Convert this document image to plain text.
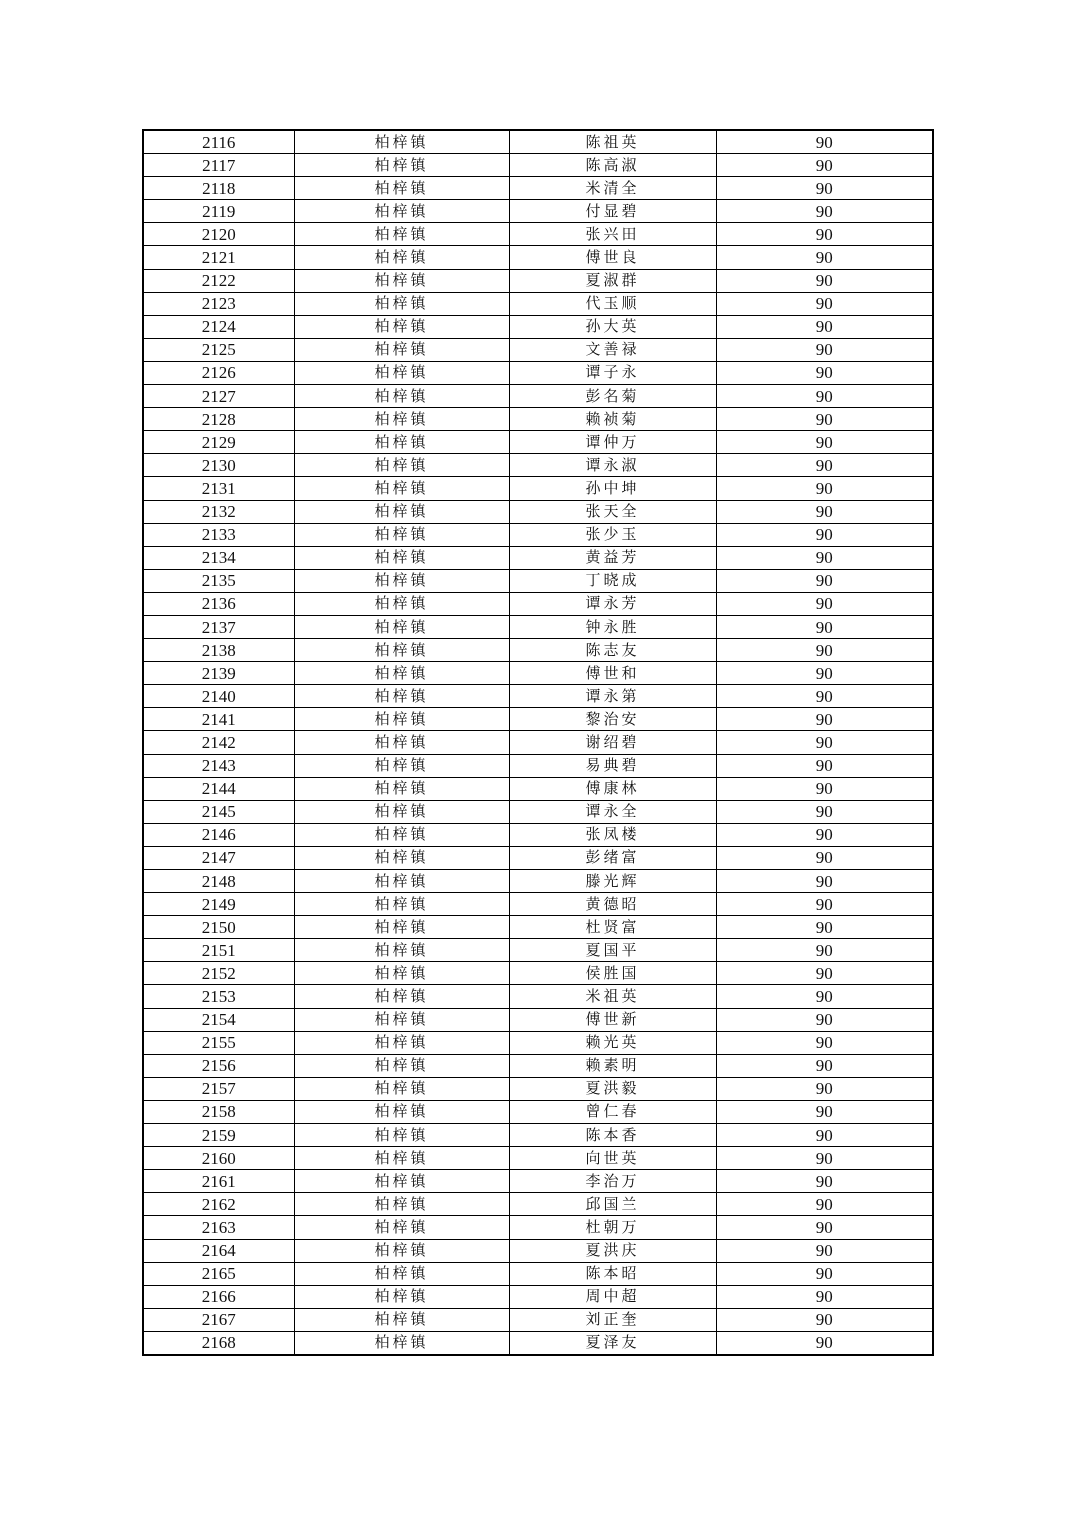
2116	柏梓镇	陈祖英	90
2117	柏梓镇	陈高淑	90
2118	柏梓镇	米清全	90
2119	柏梓镇	付显碧	90
2120	柏梓镇	张兴田	90
2121	柏梓镇	傅世良	90
2122	柏梓镇	夏淑群	90
2123	柏梓镇	代玉顺	90
2124	柏梓镇	孙大英	90
2125	柏梓镇	文善禄	90
2126	柏梓镇	谭子永	90
2127	柏梓镇	彭名菊	90
2128	柏梓镇	赖祯菊	90
2129	柏梓镇	谭仲万	90
2130	柏梓镇	谭永淑	90
2131	柏梓镇	孙中坤	90
2132	柏梓镇	张天全	90
2133	柏梓镇	张少玉	90
2134	柏梓镇	黄益芳	90
2135	柏梓镇	丁晓成	90
2136	柏梓镇	谭永芳	90
2137	柏梓镇	钟永胜	90
2138	柏梓镇	陈志友	90
2139	柏梓镇	傅世和	90
2140	柏梓镇	谭永第	90
2141	柏梓镇	黎治安	90
2142	柏梓镇	谢绍碧	90
2143	柏梓镇	易典碧	90
2144	柏梓镇	傅康林	90
2145	柏梓镇	谭永全	90
2146	柏梓镇	张凤楼	90
2147	柏梓镇	彭绪富	90
2148	柏梓镇	滕光辉	90
2149	柏梓镇	黄德昭	90
2150	柏梓镇	杜贤富	90
2151	柏梓镇	夏国平	90
2152	柏梓镇	侯胜国	90
2153	柏梓镇	米祖英	90
2154	柏梓镇	傅世新	90
2155	柏梓镇	赖光英	90
2156	柏梓镇	赖素明	90
2157	柏梓镇	夏洪毅	90
2158	柏梓镇	曾仁春	90
2159	柏梓镇	陈本香	90
2160	柏梓镇	向世英	90
2161	柏梓镇	李治万	90
2162	柏梓镇	邱国兰	90
2163	柏梓镇	杜朝万	90
2164	柏梓镇	夏洪庆	90
2165	柏梓镇	陈本昭	90
2166	柏梓镇	周中超	90
2167	柏梓镇	刘正奎	90
2168	柏梓镇	夏泽友	90
